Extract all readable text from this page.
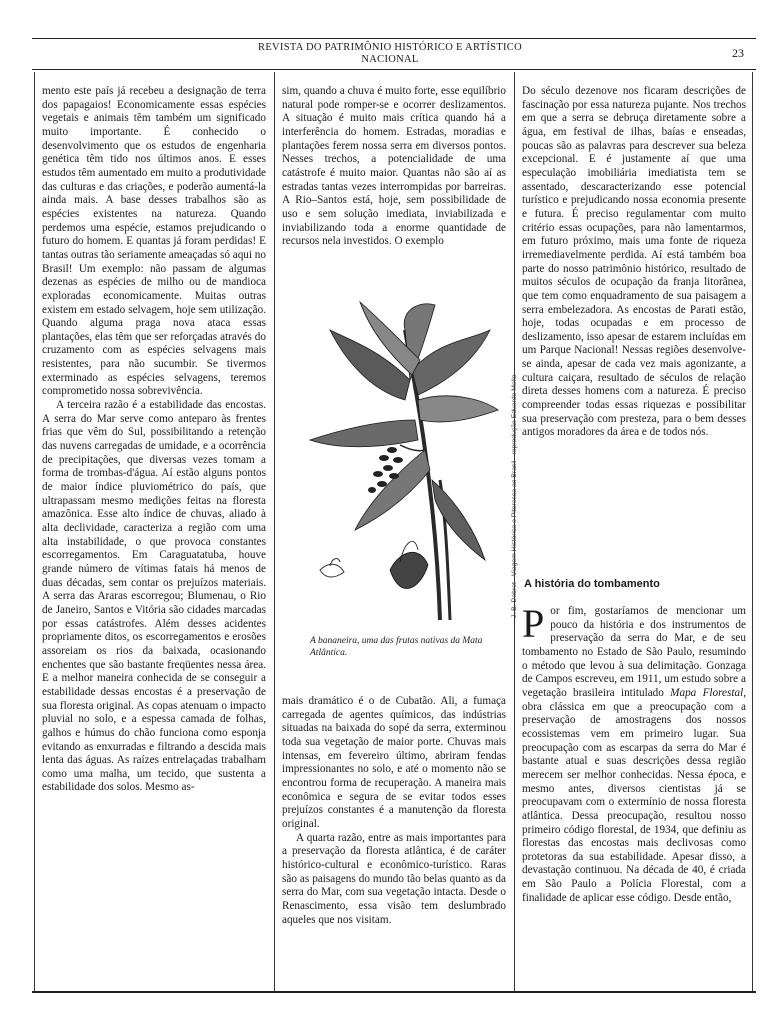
REVISTA DO PATRIMÔNIO HISTÓRICO E ARTÍSTICO NACIONAL	23

mento este país já recebeu a designação de terra dos papagaios! Economicamente essas espécies vegetais e animais têm também um significado muito importante. É conhecido o desenvolvimento que os estudos de engenharia genética têm tido nos últimos anos. E esses estudos têm aumentado em muito a produtividade das culturas e das criações, e poderão aumentá-la ainda mais. A base desses trabalhos são as espécies existentes na natureza. Quando perdemos uma espécie, estamos prejudicando o futuro do homem. E quantas já foram perdidas! E tantas outras tão seriamente ameaçadas só aqui no Brasil! Um exemplo: não passam de algumas dezenas as espécies de milho ou de mandioca exploradas economicamente. Muitas outras existem em estado selvagem, hoje sem utilização. Quando alguma praga nova ataca essas plantações, elas têm que ser reforçadas através do cruzamento com as espécies selvagens mais resistentes, para não sucumbir. Se tivermos exterminado as espécies selvagens, teremos comprometido nossa sobrevivência.

A terceira razão é a estabilidade das encostas. A serra do Mar serve como anteparo às frentes frias que vêm do Sul, possibilitando a retenção das nuvens carregadas de umidade, e a ocorrência de precipitações, que diversas vezes tomam a forma de trombas-d'água. Aí estão alguns pontos de maior índice pluviométrico do país, que ultrapassam mesmo medições feitas na floresta amazônica. Esse alto índice de chuvas, aliado à alta declividade, caracteriza a região com uma alta instabilidade, o que provoca constantes escorregamentos. Em Caraguatatuba, houve grande número de vítimas fatais há menos de duas décadas, sem contar os prejuízos materiais. A serra das Araras escorregou; Blumenau, o Rio de Janeiro, Santos e Vitória são cidades marcadas por essas catástrofes. Além desses acidentes propriamente ditos, os escorregamentos e erosões assoreiam os rios da baixada, ocasionando enchentes que são bastante freqüentes nessa área. E a melhor maneira conhecida de se conseguir a estabilidade dessas encostas é a preservação de sua floresta original. As copas atenuam o impacto pluvial no solo, e a espessa camada de folhas, galhos e húmus do chão funciona como esponja evitando as enxurradas e filtrando a descida mais lenta das águas. As raízes entrelaçadas trabalham como uma malha, um tecido, que sustenta a estabilidade dos solos. Mesmo as-

sim, quando a chuva é muito forte, esse equilíbrio natural pode romper-se e ocorrer deslizamentos. A situação é muito mais crítica quando há a interferência do homem. Estradas, moradias e plantações ferem nossa serra em diversos pontos. Nesses trechos, a potencialidade de uma catástrofe é muito maior. Quantas não são aí as estradas tantas vezes interrompidas por barreiras. A Rio–Santos está, hoje, sem possibilidade de uso e sem solução imediata, inviabilizada e inviabilizando toda a enorme quantidade de recursos nela investidos. O exemplo

J. B. Debret · Viagem Histórica e Pitoresca ao Brasil · reprodução Eduardo Mello
A bananeira, uma das frutas nativas da Mata Atlântica.

mais dramático é o de Cubatão. Ali, a fumaça carregada de agentes químicos, das indústrias situadas na baixada do sopé da serra, exterminou toda sua vegetação de maior porte. Chuvas mais intensas, em fevereiro último, abriram fendas impressionantes no solo, e até o momento não se encontrou forma de recuperação. A maneira mais econômica e segura de se evitar todos esses prejuízos constantes é a manutenção da floresta original.

A quarta razão, entre as mais importantes para a preservação da floresta atlântica, é de caráter histórico-cultural e econômico-turístico. Raras são as paisagens do mundo tão belas quanto as da serra do Mar, com sua vegetação intacta. Desde o Renascimento, essa visão tem deslumbrado aqueles que nos visitam.

Do século dezenove nos ficaram descrições de fascinação por essa natureza pujante. Nos trechos em que a serra se debruça diretamente sobre a água, em festival de ilhas, baías e enseadas, poucas são as palavras para descrever sua beleza excepcional. E é justamente aí que uma especulação imobiliária imediatista tem se assentado, descaracterizando esse potencial turístico e prejudicando nossa economia presente e futura. É preciso regulamentar com muito critério essas ocupações, para não lamentarmos, em futuro próximo, mais uma fonte de riqueza irremediavelmente perdida. Aí está também boa parte do nosso patrimônio histórico, resultado de muitos séculos de ocupação da franja litorânea, que tem como enquadramento de sua paisagem a serra embelezadora. As encostas de Parati estão, hoje, todas ocupadas e em processo de deslizamento, isso apesar de estarem incluídas em um Parque Nacional! Nessas regiões desenvolve-se ainda, apesar de cada vez mais agonizante, a cultura caiçara, resultado de séculos de relação direta desses homens com a natureza. É preciso compreender todas essas riquezas e possibilitar sua preservação com presteza, para o bem desses antigos moradores da área e de todos nós.

A história do tombamento

Por fim, gostaríamos de mencionar um pouco da história e dos instrumentos de preservação da serra do Mar, e de seu tombamento no Estado de São Paulo, resumindo o método que levou à sua delimitação. Gonzaga de Campos escreveu, em 1911, um estudo sobre a vegetação brasileira intitulado Mapa Florestal, obra clássica em que a preocupação com a preservação de amostragens dos nossos ecossistemas vem em primeiro lugar. Sua preocupação com as escarpas da serra do Mar é bastante atual e suas descrições dessa região merecem ser melhor conhecidas. Nessa época, e mesmo antes, diversos cientistas já se preocupavam com o extermínio de nossa floresta atlântica. Dessa preocupação, resultou nosso primeiro código florestal, de 1934, que definiu as florestas das encostas mais declivosas como protetoras da sua estabilidade. Apesar disso, a devastação continuou. Na década de 40, é criada em São Paulo a Polícia Florestal, com a finalidade de aplicar esse código. Desde então,
